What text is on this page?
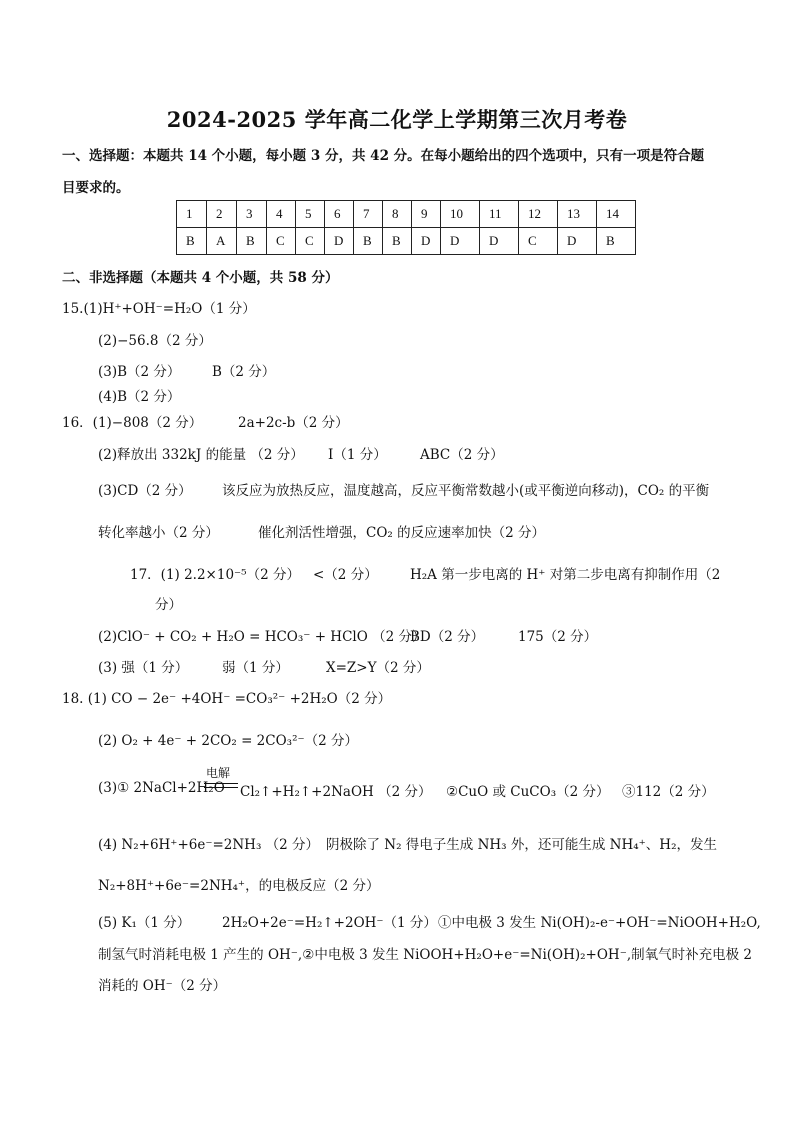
2024-2025 学年高二化学上学期第三次月考卷
一、选择题：本题共 14 个小题，每小题 3 分，共 42 分。在每小题给出的四个选项中，只有一项是符合题
目要求的。
1	2	3	4	5	6	7	8	9	10	11	12	13	14
B	A	B	C	C	D	B	B	D	D	D	C	D	B
二、非选择题（本题共 4 个小题，共 58 分）
15.(1)H⁺+OH⁻=H₂O（1 分）
(2)−56.8（2 分）
(3)B（2 分） B（2 分）
(4)B（2 分）
16．(1)−808（2 分）	2a+2c-b（2 分）
(2)释放出 332kJ 的能量 （2 分） I（1 分） ABC（2 分）
(3)CD（2 分） 该反应为放热反应，温度越高，反应平衡常数越小(或平衡逆向移动)，CO₂ 的平衡
转化率越小（2 分）	催化剂活性增强，CO₂ 的反应速率加快（2 分）
17．(1) 2.2×10⁻⁵（2 分） <（2 分） H₂A 第一步电离的 H⁺ 对第二步电离有抑制作用（2
分）
(2)ClO⁻ + CO₂ + H₂O = HCO₃⁻ + HClO （2 分）
BD（2 分）	175（2 分）
(3) 强（1 分） 弱（1 分）	X=Z>Y（2 分）
18. (1) CO − 2e⁻ +4OH⁻ =CO₃²⁻ +2H₂O（2 分）
(2) O₂ + 4e⁻ + 2CO₂ = 2CO₃²⁻（2 分）
(3)① 2NaCl+2H₂O
电解
Cl₂↑+H₂↑+2NaOH （2 分） ②CuO 或 CuCO₃（2 分） ③112（2 分）
(4) N₂+6H⁺+6e⁻=2NH₃ （2 分） 阴极除了 N₂ 得电子生成 NH₃ 外，还可能生成 NH₄⁺、H₂，发生
N₂+8H⁺+6e⁻=2NH₄⁺，的电极反应（2 分）
(5) K₁（1 分） 2H₂O+2e⁻=H₂↑+2OH⁻（1 分） ①中电极 3 发生 Ni(OH)₂-e⁻+OH⁻=NiOOH+H₂O,
制氢气时消耗电极 1 产生的 OH⁻,②中电极 3 发生 NiOOH+H₂O+e⁻=Ni(OH)₂+OH⁻,制氧气时补充电极 2
消耗的 OH⁻（2 分）
